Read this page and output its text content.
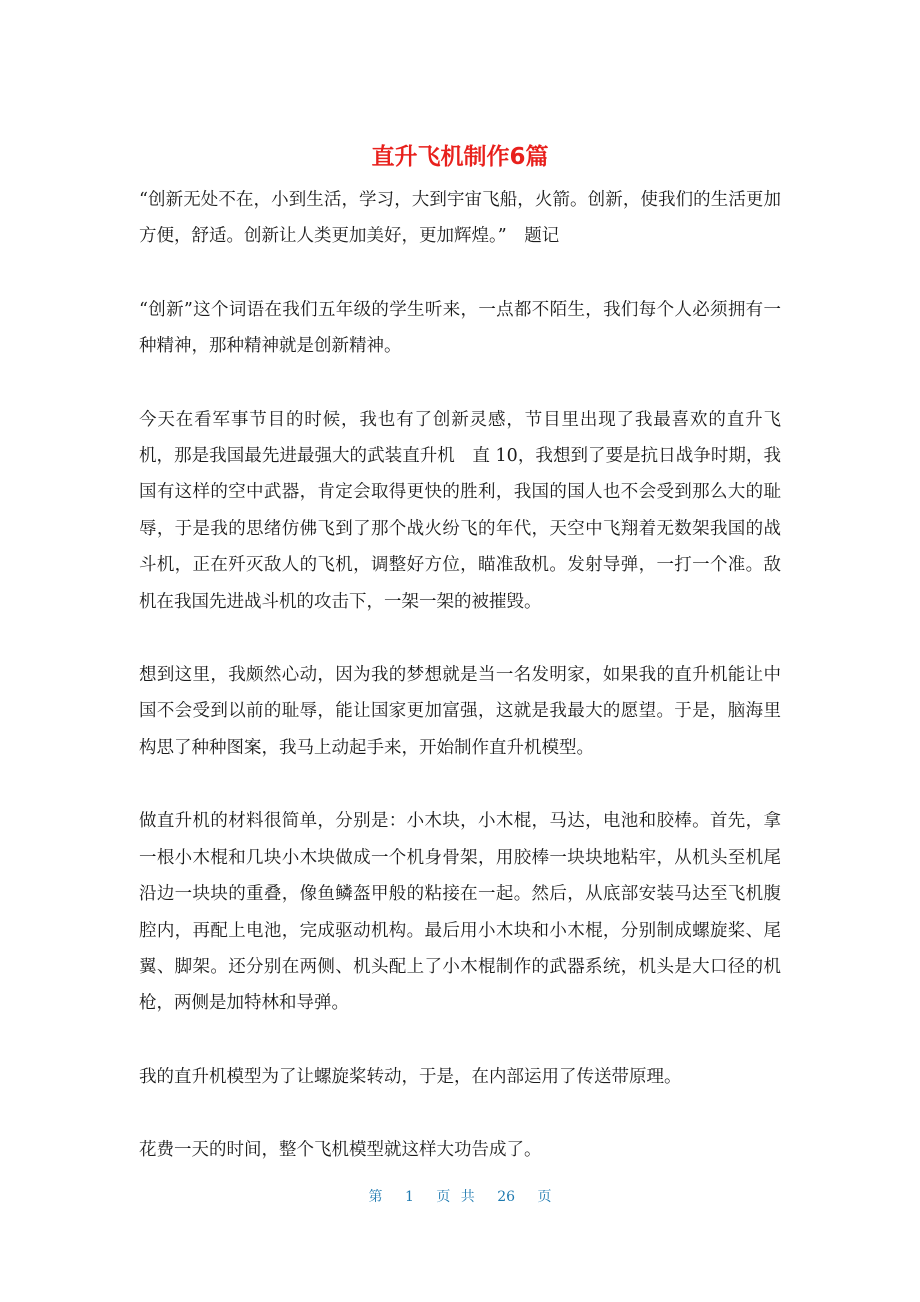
直升飞机制作6篇

“创新无处不在，小到生活，学习，大到宇宙飞船，火箭。创新，使我们的生活更加方便，舒适。创新让人类更加美好，更加辉煌。”　题记

“创新”这个词语在我们五年级的学生听来，一点都不陌生，我们每个人必须拥有一种精神，那种精神就是创新精神。

今天在看军事节目的时候，我也有了创新灵感，节目里出现了我最喜欢的直升飞机，那是我国最先进最强大的武装直升机　直 10，我想到了要是抗日战争时期，我国有这样的空中武器，肯定会取得更快的胜利，我国的国人也不会受到那么大的耻辱，于是我的思绪仿佛飞到了那个战火纷飞的年代，天空中飞翔着无数架我国的战斗机，正在歼灭敌人的飞机，调整好方位，瞄准敌机。发射导弹，一打一个准。敌机在我国先进战斗机的攻击下，一架一架的被摧毁。

想到这里，我颇然心动，因为我的梦想就是当一名发明家，如果我的直升机能让中国不会受到以前的耻辱，能让国家更加富强，这就是我最大的愿望。于是，脑海里构思了种种图案，我马上动起手来，开始制作直升机模型。

做直升机的材料很简单，分别是：小木块，小木棍，马达，电池和胶棒。首先，拿一根小木棍和几块小木块做成一个机身骨架，用胶棒一块块地粘牢，从机头至机尾沿边一块块的重叠，像鱼鳞盔甲般的粘接在一起。然后，从底部安装马达至飞机腹腔内，再配上电池，完成驱动机构。最后用小木块和小木棍，分别制成螺旋桨、尾翼、脚架。还分别在两侧、机头配上了小木棍制作的武器系统，机头是大口径的机枪，两侧是加特林和导弹。

我的直升机模型为了让螺旋桨转动，于是，在内部运用了传送带原理。

花费一天的时间，整个飞机模型就这样大功告成了。

第 1 页 共 26 页
